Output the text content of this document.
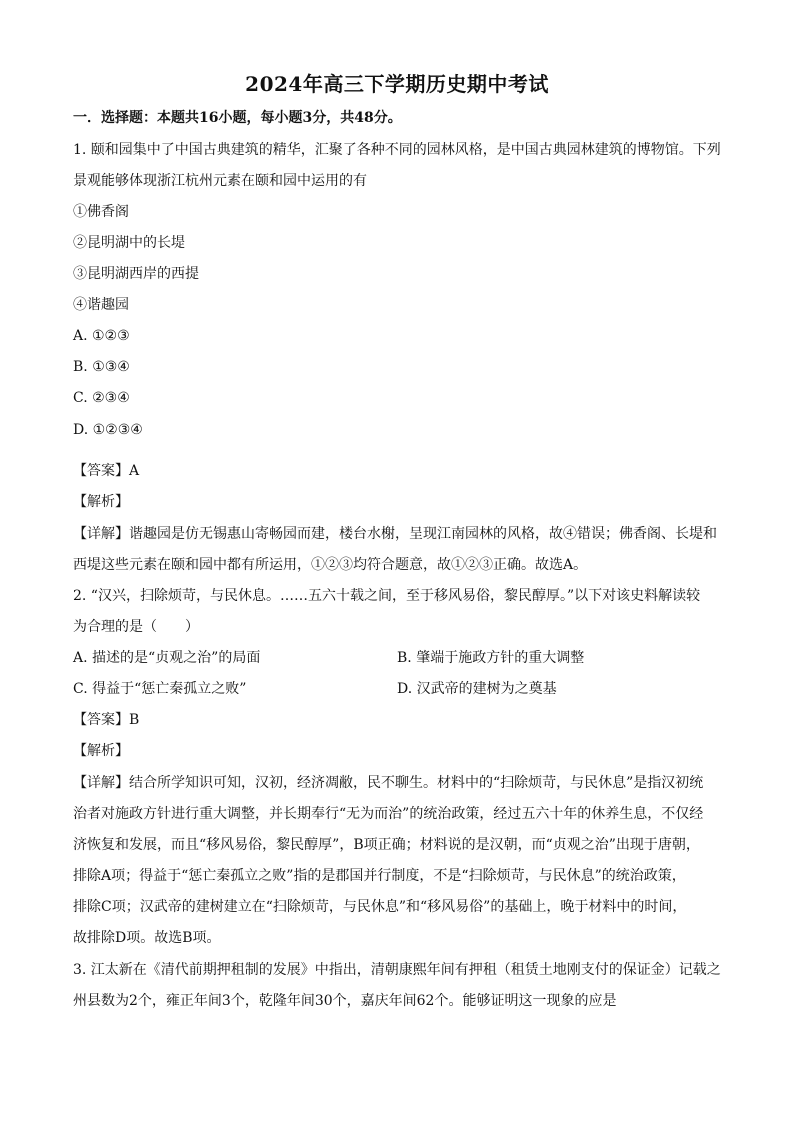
2024年高三下学期历史期中考试
一．选择题：本题共16小题，每小题3分，共48分。
1. 颐和园集中了中国古典建筑的精华，汇聚了各种不同的园林风格，是中国古典园林建筑的博物馆。下列
景观能够体现浙江杭州元素在颐和园中运用的有
①佛香阁
②昆明湖中的长堤
③昆明湖西岸的西提
④谐趣园
A. ①②③
B. ①③④
C. ②③④
D. ①②③④
【答案】A
【解析】
【详解】谐趣园是仿无锡惠山寄畅园而建，楼台水榭，呈现江南园林的风格，故④错误；佛香阁、长堤和
西堤这些元素在颐和园中都有所运用，①②③均符合题意，故①②③正确。故选A。
2. “汉兴，扫除烦苛，与民休息。……五六十载之间，至于移风易俗，黎民醇厚。”以下对该史料解读较
为合理的是（　　）
A. 描述的是“贞观之治”的局面	B. 肇端于施政方针的重大调整
C. 得益于“惩亡秦孤立之败”	D. 汉武帝的建树为之奠基
【答案】B
【解析】
【详解】结合所学知识可知，汉初，经济凋敝，民不聊生。材料中的“扫除烦苛，与民休息”是指汉初统
治者对施政方针进行重大调整，并长期奉行“无为而治”的统治政策，经过五六十年的休养生息，不仅经
济恢复和发展，而且“移风易俗，黎民醇厚”，B项正确；材料说的是汉朝，而“贞观之治”出现于唐朝，
排除A项；得益于“惩亡秦孤立之败”指的是郡国并行制度，不是“扫除烦苛，与民休息”的统治政策，
排除C项；汉武帝的建树建立在“扫除烦苛，与民休息”和“移风易俗”的基础上，晚于材料中的时间，
故排除D项。故选B项。
3. 江太新在《清代前期押租制的发展》中指出，清朝康熙年间有押租（租赁土地刚支付的保证金）记载之
州县数为2个，雍正年间3个，乾隆年间30个，嘉庆年间62个。能够证明这一现象的应是
